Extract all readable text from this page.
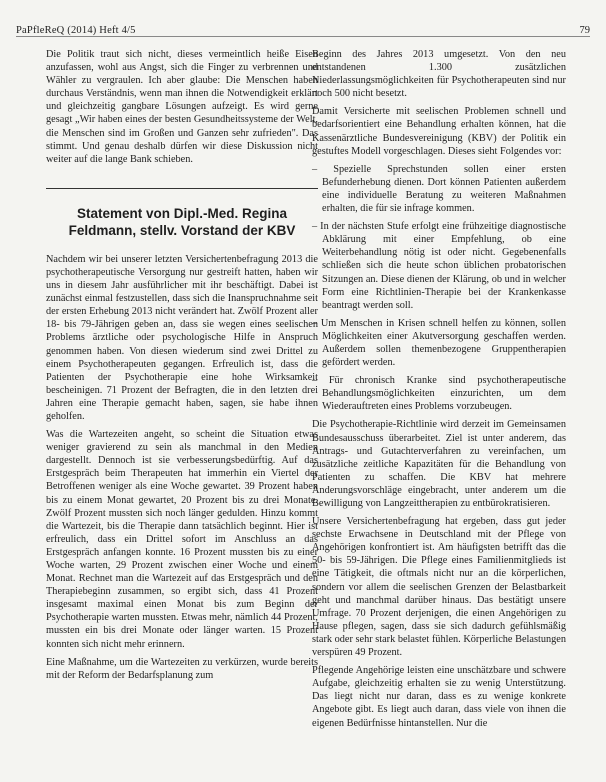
PaPfleReQ (2014) Heft 4/5	79

Die Politik traut sich nicht, dieses vermeintlich heiße Eisen anzufassen, wohl aus Angst, sich die Finger zu verbrennen und Wähler zu vergraulen. Ich aber glaube: Die Menschen haben durchaus Verständnis, wenn man ihnen die Notwendigkeit erklärt und gleichzeitig gangbare Lösungen aufzeigt. Es wird gerne gesagt „Wir haben eines der besten Gesundheitssysteme der Welt, die Menschen sind im Großen und Ganzen sehr zufrieden". Das stimmt. Und genau deshalb dürfen wir diese Diskussion nicht weiter auf die lange Bank schieben.

Statement von Dipl.-Med. Regina Feldmann, stellv. Vorstand der KBV

Nachdem wir bei unserer letzten Versichertenbefragung 2013 die psychotherapeutische Versorgung nur gestreift hatten, haben wir uns in diesem Jahr ausführlicher mit ihr beschäftigt. Dabei ist zunächst einmal festzustellen, dass sich die Inanspruchnahme seit der ersten Erhebung 2013 nicht verändert hat. Zwölf Prozent aller 18- bis 79-Jährigen geben an, dass sie wegen eines seelischen Problems ärztliche oder psychologische Hilfe in Anspruch genommen haben. Von diesen wiederum sind zwei Drittel zu einem Psychotherapeuten gegangen. Erfreulich ist, dass die Patienten der Psychotherapie eine hohe Wirksamkeit bescheinigen. 71 Prozent der Befragten, die in den letzten drei Jahren eine Therapie gemacht haben, sagen, sie habe ihnen geholfen.

Was die Wartezeiten angeht, so scheint die Situation etwas weniger gravierend zu sein als manchmal in den Medien dargestellt. Dennoch ist sie verbesserungsbedürftig. Auf das Erstgespräch beim Therapeuten hat immerhin ein Viertel der Betroffenen weniger als eine Woche gewartet. 39 Prozent haben bis zu einem Monat gewartet, 20 Prozent bis zu drei Monate. Zwölf Prozent mussten sich noch länger gedulden. Hinzu kommt die Wartezeit, bis die Therapie dann tatsächlich beginnt. Hier ist erfreulich, dass ein Drittel sofort im Anschluss an das Erstgespräch anfangen konnte. 16 Prozent mussten bis zu einer Woche warten, 29 Prozent zwischen einer Woche und einem Monat. Rechnet man die Wartezeit auf das Erstgespräch und den Therapiebeginn zusammen, so ergibt sich, dass 41 Prozent insgesamt maximal einen Monat bis zum Beginn der Psychotherapie warten mussten. Etwas mehr, nämlich 44 Prozent, mussten ein bis drei Monate oder länger warten. 15 Prozent konnten sich nicht mehr erinnern.

Eine Maßnahme, um die Wartezeiten zu verkürzen, wurde bereits mit der Reform der Bedarfsplanung zum

Beginn des Jahres 2013 umgesetzt. Von den neu entstandenen 1.300 zusätzlichen Niederlassungsmöglichkeiten für Psychotherapeuten sind nur noch 500 nicht besetzt.

Damit Versicherte mit seelischen Problemen schnell und bedarfsorientiert eine Behandlung erhalten können, hat die Kassenärztliche Bundesvereinigung (KBV) der Politik ein gestuftes Modell vorgeschlagen. Dieses sieht Folgendes vor:

– Spezielle Sprechstunden sollen einer ersten Befunderhebung dienen. Dort können Patienten außerdem eine individuelle Beratung zu weiteren Maßnahmen erhalten, die für sie infrage kommen.

– In der nächsten Stufe erfolgt eine frühzeitige diagnostische Abklärung mit einer Empfehlung, ob eine Weiterbehandlung nötig ist oder nicht. Gegebenenfalls schließen sich die heute schon üblichen probatorischen Sitzungen an. Diese dienen der Klärung, ob und in welcher Form eine Richtlinien-Therapie bei der Krankenkasse beantragt werden soll.

– Um Menschen in Krisen schnell helfen zu können, sollen Möglichkeiten einer Akutversorgung geschaffen werden. Außerdem sollen themenbezogene Gruppentherapien gefördert werden.

– Für chronisch Kranke sind psychotherapeutische Behandlungsmöglichkeiten einzurichten, um dem Wiederauftreten eines Problems vorzubeugen.

Die Psychotherapie-Richtlinie wird derzeit im Gemeinsamen Bundesausschuss überarbeitet. Ziel ist unter anderem, das Antrags- und Gutachterverfahren zu vereinfachen, um zusätzliche zeitliche Kapazitäten für die Behandlung von Patienten zu schaffen. Die KBV hat mehrere Änderungsvorschläge eingebracht, unter anderem um die Bewilligung von Langzeittherapien zu entbürokratisieren.

Unsere Versichertenbefragung hat ergeben, dass gut jeder sechste Erwachsene in Deutschland mit der Pflege von Angehörigen konfrontiert ist. Am häufigsten betrifft das die 50- bis 59-Jährigen. Die Pflege eines Familienmitglieds ist eine Tätigkeit, die oftmals nicht nur an die körperlichen, sondern vor allem die seelischen Grenzen der Belastbarkeit geht und manchmal darüber hinaus. Das bestätigt unsere Umfrage. 70 Prozent derjenigen, die einen Angehörigen zu Hause pflegen, sagen, dass sie sich dadurch gefühlsmäßig stark oder sehr stark belastet fühlen. Körperliche Belastungen verspüren 49 Prozent.

Pflegende Angehörige leisten eine unschätzbare und schwere Aufgabe, gleichzeitig erhalten sie zu wenig Unterstützung. Das liegt nicht nur daran, dass es zu wenige konkrete Angebote gibt. Es liegt auch daran, dass viele von ihnen die eigenen Bedürfnisse hintanstellen. Nur die
